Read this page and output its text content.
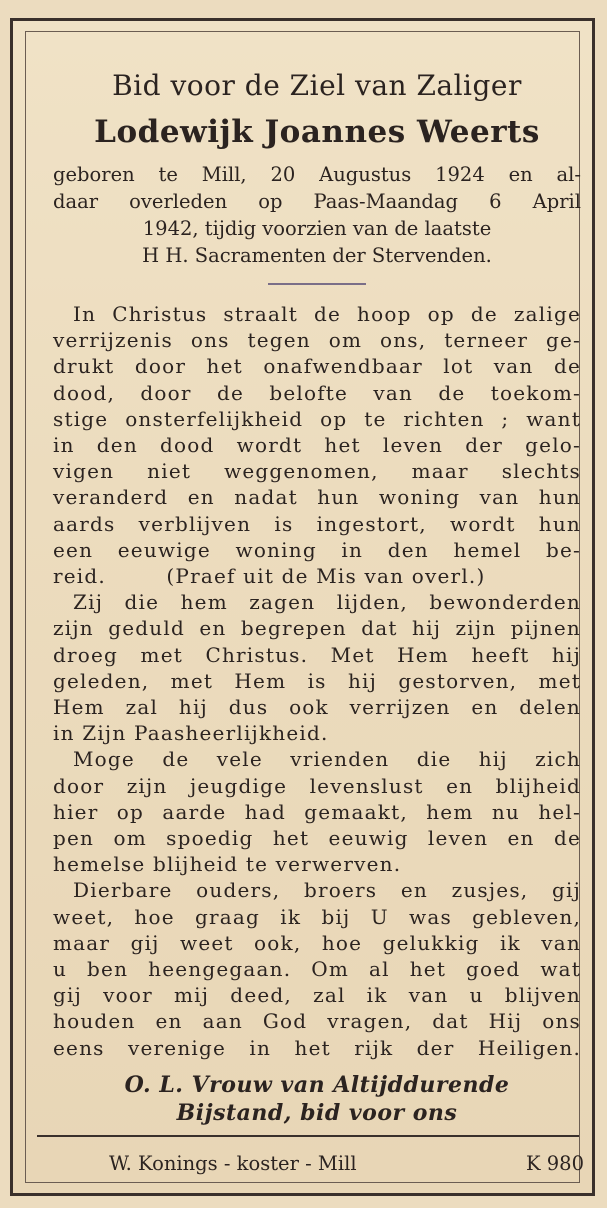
Bid voor de Ziel van Zaliger
Lodewijk Joannes Weerts
geboren te Mill, 20 Augustus 1924 en al-
daar overleden op Paas-Maandag 6 April
1942, tijdig voorzien van de laatste
H H. Sacramenten der Stervenden.
In Christus straalt de hoop op de zalige
verrijzenis ons tegen om ons, terneer ge-
drukt door het onafwendbaar lot van de
dood, door de belofte van de toekom-
stige onsterfelijkheid op te richten ; want
in den dood wordt het leven der gelo-
vigen niet weggenomen, maar slechts
veranderd en nadat hun woning van hun
aards verblijven is ingestort, wordt hun
een eeuwige woning in den hemel be-
reid.        (Praef uit de Mis van overl.)
Zij die hem zagen lijden, bewonderden
zijn geduld en begrepen dat hij zijn pijnen
droeg met Christus. Met Hem heeft hij
geleden, met Hem is hij gestorven, met
Hem zal hij dus ook verrijzen en delen
in Zijn Paasheerlijkheid.
Moge de vele vrienden die hij zich
door zijn jeugdige levenslust en blijheid
hier op aarde had gemaakt, hem nu hel-
pen om spoedig het eeuwig leven en de
hemelse blijheid te verwerven.
Dierbare ouders, broers en zusjes, gij
weet, hoe graag ik bij U was gebleven,
maar gij weet ook, hoe gelukkig ik van
u ben heengegaan. Om al het goed wat
gij voor mij deed, zal ik van u blijven
houden en aan God vragen, dat Hij ons
eens verenige in het rijk der Heiligen.
O. L. Vrouw van Altijddurende
Bijstand, bid voor ons
W. Konings - koster - Mill	K 980
